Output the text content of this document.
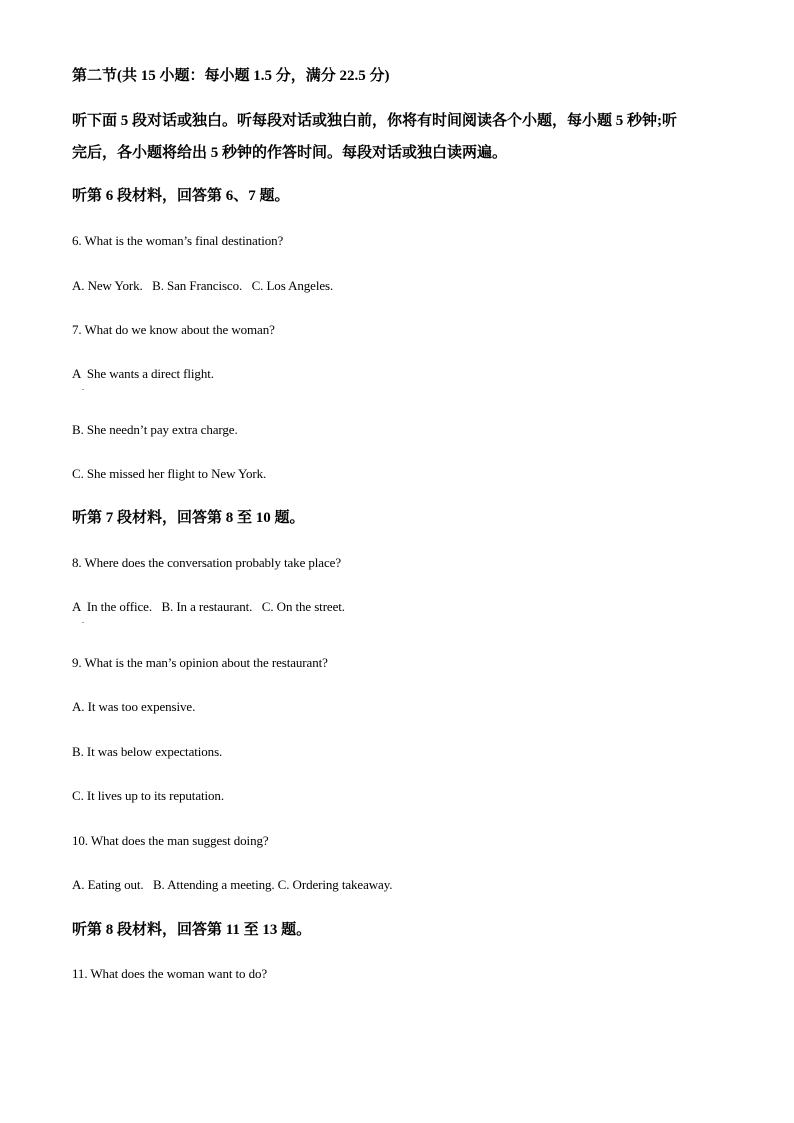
第二节(共 15 小题：每小题 1.5 分，满分 22.5 分)
听下面 5 段对话或独白。听每段对话或独白前，你将有时间阅读各个小题，每小题 5 秒钟;听
完后，各小题将给出 5 秒钟的作答时间。每段对话或独白读两遍。
听第 6 段材料，回答第 6、7 题。
6. What is the woman’s final destination?
A. New York.   B. San Francisco.   C. Los Angeles.
7. What do we know about the woman?
A  She wants a direct flight.
.
B. She needn’t pay extra charge.
C. She missed her flight to New York.
听第 7 段材料，回答第 8 至 10 题。
8. Where does the conversation probably take place?
A  In the office.   B. In a restaurant.   C. On the street.
.
9. What is the man’s opinion about the restaurant?
A. It was too expensive.
B. It was below expectations.
C. It lives up to its reputation.
10. What does the man suggest doing?
A. Eating out.   B. Attending a meeting. C. Ordering takeaway.
听第 8 段材料，回答第 11 至 13 题。
11. What does the woman want to do?
